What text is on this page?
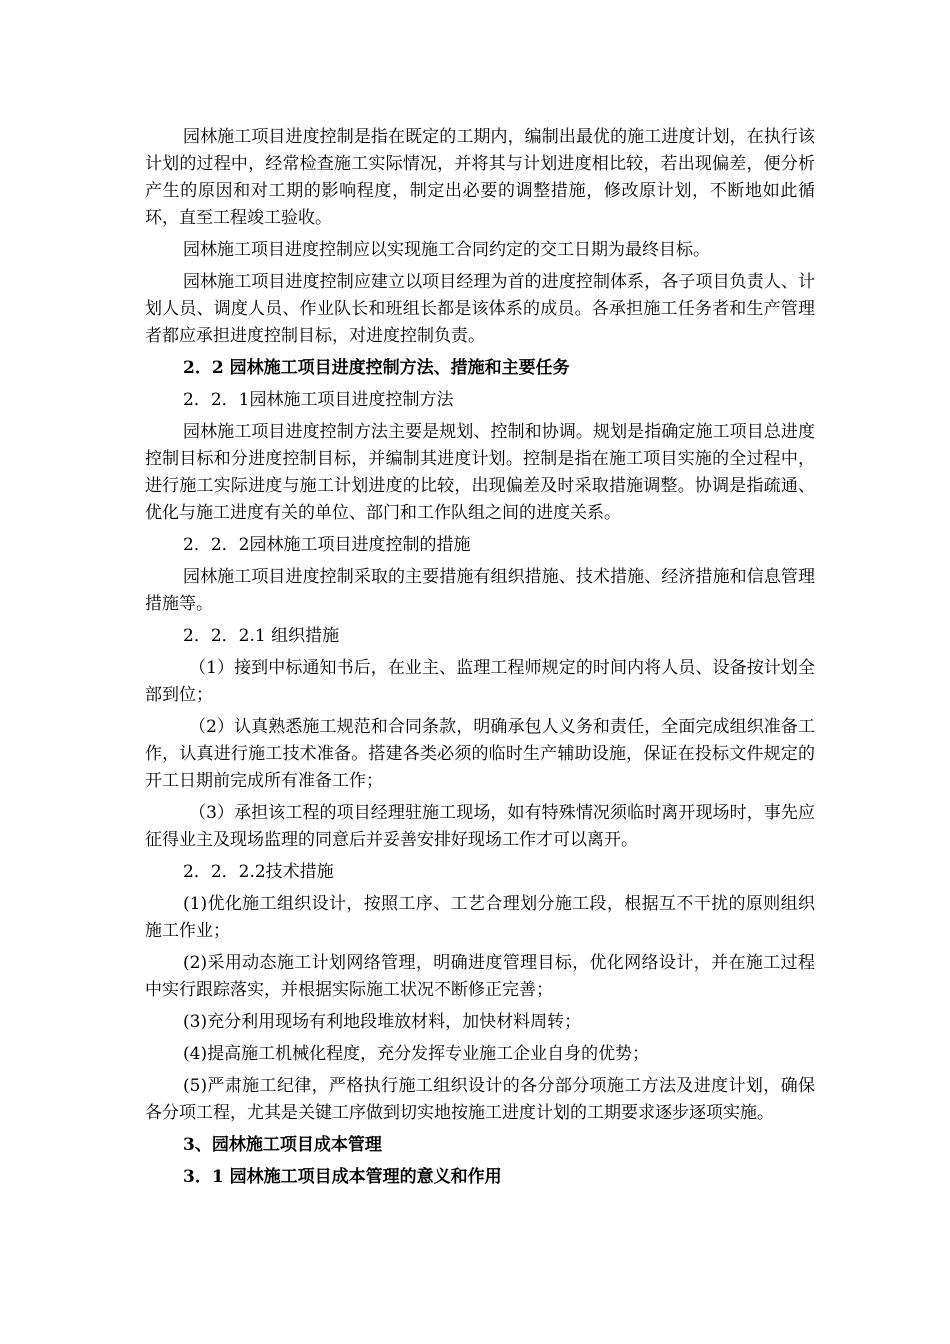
园林施工项目进度控制是指在既定的工期内，编制出最优的施工进度计划，在执行该计划的过程中，经常检查施工实际情况，并将其与计划进度相比较，若出现偏差，便分析产生的原因和对工期的影响程度，制定出必要的调整措施，修改原计划，不断地如此循环，直至工程竣工验收。

园林施工项目进度控制应以实现施工合同约定的交工日期为最终目标。

园林施工项目进度控制应建立以项目经理为首的进度控制体系，各子项目负责人、计划人员、调度人员、作业队长和班组长都是该体系的成员。各承担施工任务者和生产管理者都应承担进度控制目标，对进度控制负责。

2．2 园林施工项目进度控制方法、措施和主要任务

2．2．1园林施工项目进度控制方法

园林施工项目进度控制方法主要是规划、控制和协调。规划是指确定施工项目总进度控制目标和分进度控制目标，并编制其进度计划。控制是指在施工项目实施的全过程中，进行施工实际进度与施工计划进度的比较，出现偏差及时采取措施调整。协调是指疏通、优化与施工进度有关的单位、部门和工作队组之间的进度关系。

2．2．2园林施工项目进度控制的措施

园林施工项目进度控制采取的主要措施有组织措施、技术措施、经济措施和信息管理措施等。

2．2．2.1 组织措施

（1）接到中标通知书后，在业主、监理工程师规定的时间内将人员、设备按计划全部到位；

（2）认真熟悉施工规范和合同条款，明确承包人义务和责任，全面完成组织准备工作，认真进行施工技术准备。搭建各类必须的临时生产辅助设施，保证在投标文件规定的开工日期前完成所有准备工作；

（3）承担该工程的项目经理驻施工现场，如有特殊情况须临时离开现场时，事先应征得业主及现场监理的同意后并妥善安排好现场工作才可以离开。

2．2．2.2技术措施

(1)优化施工组织设计，按照工序、工艺合理划分施工段，根据互不干扰的原则组织施工作业；

(2)采用动态施工计划网络管理，明确进度管理目标，优化网络设计，并在施工过程中实行跟踪落实，并根据实际施工状况不断修正完善；

(3)充分利用现场有利地段堆放材料，加快材料周转；

(4)提高施工机械化程度，充分发挥专业施工企业自身的优势；

(5)严肃施工纪律，严格执行施工组织设计的各分部分项施工方法及进度计划，确保各分项工程，尤其是关键工序做到切实地按施工进度计划的工期要求逐步逐项实施。

3、园林施工项目成本管理

3．1 园林施工项目成本管理的意义和作用
